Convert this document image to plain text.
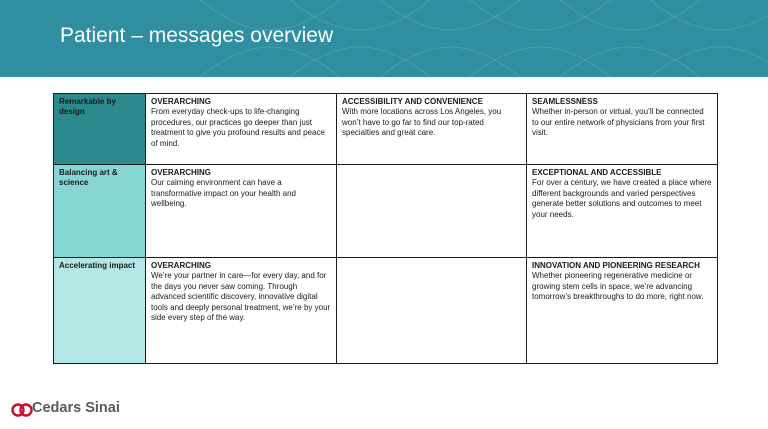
Patient – messages overview
Remarkable by design	OVERARCHING
From everyday check-ups to life-changing procedures, our practices go deeper than just treatment to give you profound results and peace of mind.	ACCESSIBILITY AND CONVENIENCE
With more locations across Los Angeles, you won’t have to go far to find our top-rated specialties and great care.	SEAMLESSNESS
Whether in-person or virtual, you’ll be connected to our entire network of physicians from your first visit.

Balancing art & science	OVERARCHING
Our calming environment can have a transformative impact on your health and wellbeing.		EXCEPTIONAL AND ACCESSIBLE
For over a century, we have created a place where different backgrounds and varied perspectives generate better solutions and outcomes to meet your needs.

Accelerating impact	OVERARCHING
We’re your partner in care—for every day, and for the days you never saw coming. Through advanced scientific discovery, innovative digital tools and deeply personal treatment, we’re by your side every step of the way.		INNOVATION AND PIONEERING RESEARCH
Whether pioneering regenerative medicine or growing stem cells in space, we’re advancing tomorrow’s breakthroughs to do more, right now.
Cedars Sinai
